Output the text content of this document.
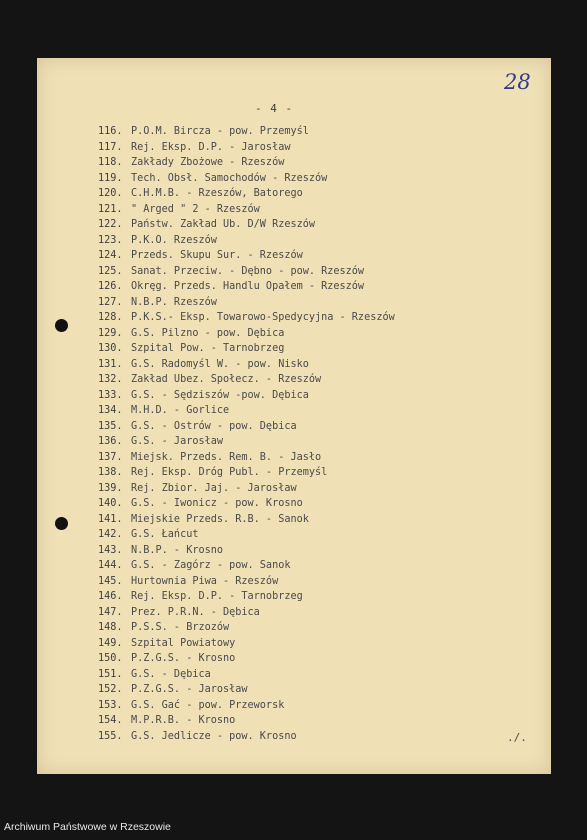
28
- 4 -
116. P.O.M. Bircza - pow. Przemyśl
117. Rej. Eksp. D.P. - Jarosław
118. Zakłady Zbożowe - Rzeszów
119. Tech. Obsł. Samochodów - Rzeszów
120. C.H.M.B. - Rzeszów, Batorego
121. " Arged " 2 - Rzeszów
122. Państw. Zakład Ub. D/W Rzeszów
123. P.K.O. Rzeszów
124. Przeds. Skupu Sur. - Rzeszów
125. Sanat. Przeciw. - Dębno - pow. Rzeszów
126. Okręg. Przeds. Handlu Opałem - Rzeszów
127. N.B.P. Rzeszów
128. P.K.S.- Eksp. Towarowo-Spedycyjna - Rzeszów
129. G.S. Pilzno - pow. Dębica
130. Szpital Pow. - Tarnobrzeg
131. G.S. Radomyśl W. - pow. Nisko
132. Zakład Ubez. Społecz. - Rzeszów
133. G.S. - Sędziszów -pow. Dębica
134. M.H.D. - Gorlice
135. G.S. - Ostrów - pow. Dębica
136. G.S. - Jarosław
137. Miejsk. Przeds. Rem. B. - Jasło
138. Rej. Eksp. Dróg Publ. - Przemyśl
139. Rej. Zbior. Jaj. - Jarosław
140. G.S. - Iwonicz - pow. Krosno
141. Miejskie Przeds. R.B. - Sanok
142. G.S. Łańcut
143. N.B.P. - Krosno
144. G.S. - Zagórz - pow. Sanok
145. Hurtownia Piwa - Rzeszów
146. Rej. Eksp. D.P. - Tarnobrzeg
147. Prez. P.R.N. - Dębica
148. P.S.S. - Brzozów
149. Szpital Powiatowy
150. P.Z.G.S. - Krosno
151. G.S. - Dębica
152. P.Z.G.S. - Jarosław
153. G.S. Gać - pow. Przeworsk
154. M.P.R.B. - Krosno
155. G.S. Jedlicze - pow. Krosno	./.
Archiwum Państwowe w Rzeszowie
